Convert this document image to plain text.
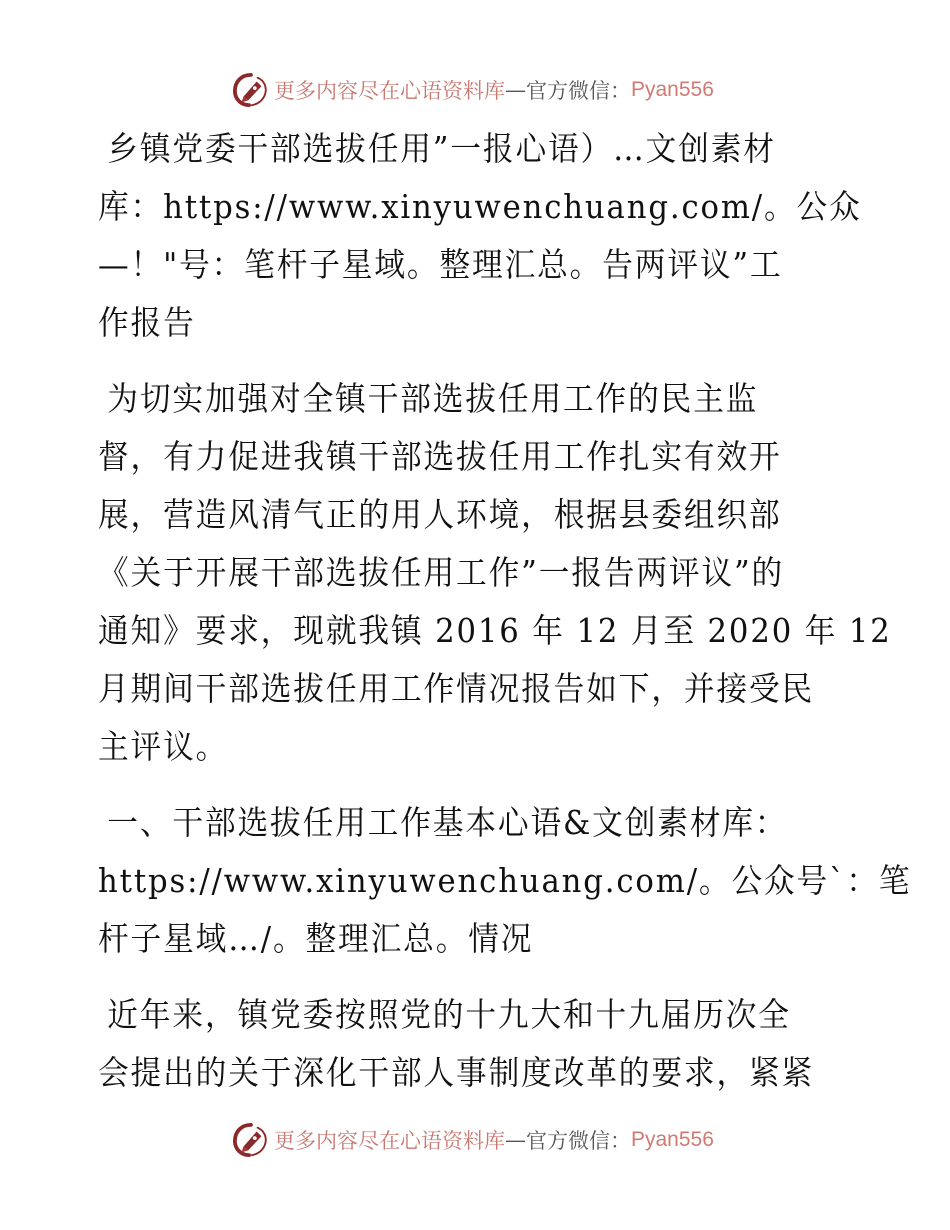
更多内容尽在心语资料库 — 官方微信： Pyan556
乡镇党委干部选拔任用”一报心语）…文创素材
库：https://www.xinyuwenchuang.com/。公众
—！"号：笔杆子星域。整理汇总。告两评议”工
作报告
为切实加强对全镇干部选拔任用工作的民主监
督，有力促进我镇干部选拔任用工作扎实有效开
展，营造风清气正的用人环境，根据县委组织部
《关于开展干部选拔任用工作”一报告两评议”的
通知》要求，现就我镇 2016 年 12 月至 2020 年 12
月期间干部选拔任用工作情况报告如下，并接受民
主评议。
一、干部选拔任用工作基本心语&文创素材库：
https://www.xinyuwenchuang.com/。公众号`：笔
杆子星域…/。整理汇总。情况
近年来，镇党委按照党的十九大和十九届历次全
会提出的关于深化干部人事制度改革的要求，紧紧
更多内容尽在心语资料库 — 官方微信： Pyan556
